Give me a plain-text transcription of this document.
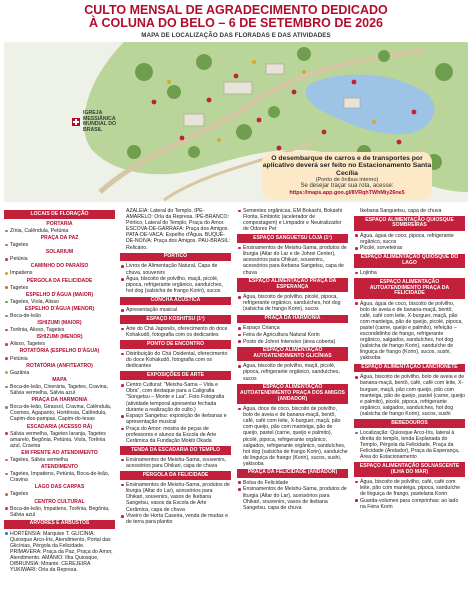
CULTO MENSAL DE AGRADECIMENTO DEDICADO
À COLUNA DO BELO – 6 DE SETEMBRO DE 2026
MAPA DE LOCALIZAÇÃO DAS FLORADAS E DAS ATIVIDADES
IGREJA MESSIÂNICA
MUNDIAL DO BRASIL
O desembarque de carros e de transportes por aplicativo deverá ser feito no Estacionamento Santa Cecília
(Ponto de ônibus interno)
Se desejar traçar sua rota, acesse:
https://maps.app.goo.gl/8VRqhTWhMiy26ne5
LOCAIS DE FLORAÇÃO
PORTARIA
Zínia, Calêndula, Petúnia
PRAÇA DA PAZ
Tagetes
SOLARIUM
Petúnia
CAMINHO DO PARAÍSO
Impatiens
PÉRGOLA DA FELICIDADE
Tagetes
ESPELHO D'ÁGUA (MAIOR)
Tagetes, Viola, Alisso
ESPELHO D'ÁGUA (MENOR)
Boca-de-leão
ISHIZUMI (MAIOR)
Torênia, Alisso, Tagetes
ISHIZUMI (MENOR)
Alisso, Tagetes
ROTATÓRIA (ESPELHO D'ÁGUA)
Petúnia
ROTATÓRIA (ANFITEATRO)
Gazânia
MAPA
Boca-de-leão, Cinerária, Tagetes, Cravina, Sálvia vermelha, Sálvia azul
PRAÇA DA HARMONIA
Boca-de-leão, Girassol, Cravina, Calêndula, Cosmos, Agapanto, Hortênsia, Calêndula, Capim-dos-pampas, Capim-do-texas
ESCADARIA (ACESSO RÁ)
Sálvia vermelha, Tagetes laranja, Tagetes amarelo, Begônia, Petúnia, Viola, Torênia azul, Cravina
EM FRENTE AO ATENDIMENTO
Tagetes, Sálvia vermelha
ATENDIMENTO
Tagetes, Impatiens, Petúnia, Boca-de-leão, Cravina
LAGO DAS CARPAS
Tagetes
CENTRO CULTURAL
Boca-de-leão, Impatiens, Torênia, Begônia, Sálvia azul
ÁRVORES E ARBUSTOS
HORTÊNSIA: Marquise T. GLICÍNIA: Quiosque Arco-Íris, Atendimento, Portal das Glicínias, Pérgola da Felicidade. PRIMAVERA: Praça da Paz, Praça do Amor, Atendimento. AMÂNIO: Ilha Quiosque, DIBRUNSIA: Mirante. CEREJEIRA YUKIWARI: Orla da Represa.
AZALEIA: Lateral do Templo. IPÊ-AMARELO: Orla da Represa. IPÊ-BRANCO: Pórtico, Lateral do Templo, Praça do Amor. ESCOVA-DE-GARRAFA: Praça dos Amigos. PATA-DE-VACA: Espelho d'Água. BUQUÊ-DE-NOIVA: Praça dos Amigos. PAU-BRASIL: Relicário.
PÓRTICO
Livros de Alimentação Natural, Capa de chuva, souvenirs
Água, biscoito de polvilho, maçã, picolé, pipoca, refrigerante orgânico, sanduíches, hot dog (salsicha de frango Korin), sucos
CONCHA ACÚSTICA
Apresentação musical
ESPAÇO KOSHITSU (1º)
Arte do Chá Japonês, oferecimento do doce Kohakudô, fotografia com os dedicantes
PONTO DE ENCONTRO
Distribuição do Chá Oxidental, oferecimento do doce Kohakudô, fotografia com os dedicantes
EXPOSIÇÕES DE ARTE
Centro Cultural: "Meishu-Sama – Vida e Obra", com destaque para a Caligrafia "Songetsu – Monte e Lua". Foto Fotografia (atividade temporal apresentar fechada durante a realização do culto.)
Espaço Sangetsu: exposição de ikebanas e apresentação musical
Praça do Amor: mostra de peças de professores e alunos da Escola de Arte Cerâmica da Fundação Mokiti Okada
TENDA DA ESCADARIA DO TEMPLO
Ensinamentos de Meishu-Sama, souvenirs, acessórios para Ohikari, capa de chuva
PÉRGOLA DA FELICIDADE
Ensinamentos de Meishu-Sama, produtos de liturgia (Altar do Lar), acessórios para Ohikari, souvenirs, vasos de Ikebana Sangetsu, vasos da Escola de Arte Cerâmica, capa de chuva
Viveiro de Horta Caseira, venda de mudas e de terra para plantio
Sementes orgânicas, EM Bokashi, Bokashi Florita, Embiotic (acelerador de compostagem) e Limpador e Neutralizador de Odores Pet
ESPAÇO SANGUETSU LOJA (1º)
Ensinamentos de Meishu-Sama, produtos de liturgia (Altar do Lar e de Johrei Center), acessórios para Ohikari, souvenirs, acessórios para ikebana Sangetsu, capa de chuva
ESPAÇO ALIMENTAÇÃO PRAÇA DA ESPERANÇA
Água, biscoito de polvilho, picolé, pipoca, refrigerante orgânico, sanduíches, hot dog (salsicha de frango Korin), sucos
PRAÇA DA HARMONIA
Espaço Criança
Feira de Agricultura Natural Korin
Posto de Johrei Intensivo (área coberta)
ESPAÇO ALIMENTAÇÃO AUTOATENDIMENTO GLICÍNIAS
Água, biscoito de polvilho, maçã, picolé, pipoca, refrigerante orgânico, sanduíches, sucos
ESPAÇO ALIMENTAÇÃO AUTOATENDIMENTO PRAÇA DOS AMIGOS (ANDADOR)
Água, doce de coco, biscoito de polvilho, bolo de aveia e de banana-maçã, bentô, café, café com leite, X-burguer, maçã, pão com queijo, pão com manteiga, pão de queijo, pastel (carne, queijo e palmito), picolé, pipoca, refrigerante orgânico, salgados, refrigerante orgânico, sanduíches, hot dog (salsicha de frango Korin), sanduíche de linguiça de frango (Korin), sucos, sushi, yakisoba
PRAÇA DA FELICIDADE (ANDADOR)
Bolsa de Felicidade
Ensinamentos de Meishu-Sama, produtos de liturgia (Altar do Lar), acessórios para Ohikari, souvenirs, vasos de ikebana Sangetsu, capa de chuva
Ikebana Sanguetsu, capa de chuva
ESPAÇO ALIMENTAÇÃO QUIOSQUE SOMBREIRAS
Água, água de coco, pipoca, refrigerante orgânico, sucos
Picolé, sorveteiras
ESPAÇO ALIMENTAÇÃO QUIOSQUE DO LAGO
Lojinha
ESPAÇO ALIMENTAÇÃO AUTOATENDIMENTO PRAÇA DA FELICIDADE
Água, água de coco, biscoito de polvilho, bolo de aveia e de banana-maçã, bentô, café, café com leite, X-burguer, maçã, pão com manteiga, pão de queijo, picolé, pipoca, pastel (carne, queijo e palmito), refeição – escondidinho de frango, refrigerante orgânico, salgados, sanduíches, hot dog (salsicha de frango Korin), sanduíche de linguiça de frango (Korin), sucos, sushi, yakisoba
ESPAÇO ALIMENTAÇÃO LANCHONETE
Água, biscoito de polvilho, bolo de aveia e de banana-maçã, bentô, café, café com leite, X-burguer, maçã, pão com queijo, pão com manteiga, pão de queijo, pastel (carne, queijo e palmito), picolé, pipoca, refrigerante orgânico, salgados, sanduíches, hot dog (salsicha de frango Korin), sucos, sushi
BEBEDOUROS
Localização: Quiosque Arco-Íris, lateral à direita do templo, tenda Esplanada do Templo, Pérgola da Felicidade, Praça da Felicidade (Andador), Praça da Esperança, Área do Estacionamento
ESPAÇO ALIMENTAÇÃO SOLNASCENTE (ILHA DO MAR)
Água, biscoito de polvilho, café, café com leite, pão com manteiga, pipoca, sanduíche de linguiça de frango, pastelaria Korin
Guarda-volumes para comprinhas: ao lado na Feira Korin
